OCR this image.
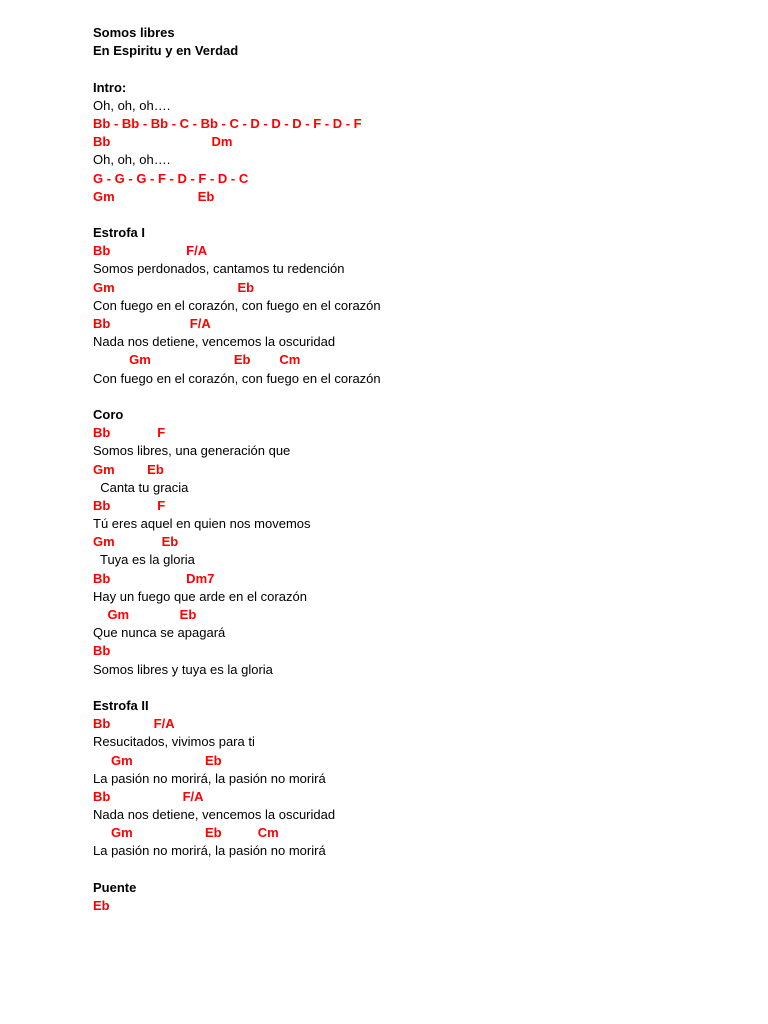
Somos libres
En Espiritu y en Verdad
Intro:
Oh, oh, oh….
Bb - Bb - Bb - C - Bb - C - D - D - D - F - D - F
Bb                            Dm
Oh, oh, oh….
G - G - G - F - D - F - D - C
Gm                       Eb
Estrofa I
Bb                     F/A
Somos perdonados, cantamos tu redención
Gm                                  Eb
Con fuego en el corazón, con fuego en el corazón
Bb                      F/A
Nada nos detiene, vencemos la oscuridad
Gm                       Eb        Cm
Con fuego en el corazón, con fuego en el corazón
Coro
Bb             F
Somos libres, una generación que
Gm         Eb
Canta tu gracia
Bb             F
Tú eres aquel en quien nos movemos
Gm             Eb
Tuya es la gloria
Bb                     Dm7
Hay un fuego que arde en el corazón
Gm              Eb
Que nunca se apagará
Bb
Somos libres y tuya es la gloria
Estrofa II
Bb            F/A
Resucitados, vivimos para ti
Gm                    Eb
La pasión no morirá, la pasión no morirá
Bb                    F/A
Nada nos detiene, vencemos la oscuridad
Gm                    Eb          Cm
La pasión no morirá, la pasión no morirá
Puente
Eb
